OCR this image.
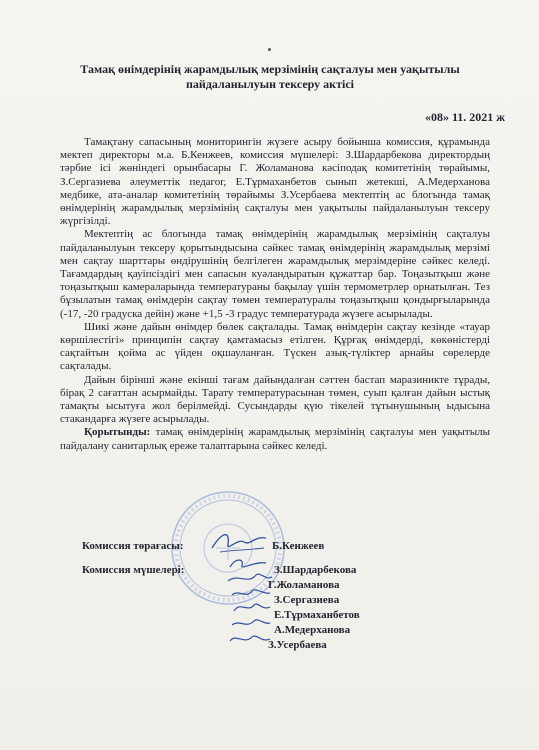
Тамақ өнімдерінің жарамдылық мерзімінің сақталуы мен уақытылы пайдаланылуын тексеру актісі
«08» 11. 2021 ж

Тамақтану сапасының мониторингін жүзеге асыру бойынша комиссия, құрамында мектеп директоры м.а. Б.Кенжеев, комиссия мүшелері: З.Шардарбекова директордың тәрбие ісі жөніндегі орынбасары Г. Жоламанова кәсіподақ комитетінің төрайымы, З.Сергазиева әлеуметтік педагог, Е.Тұрмаханбетов сынып жетекшi, А.Медерханова медбике, ата-аналар комитетінің төрайымы З.Усербаева мектептің ас блогында тамақ өнімдерінің жарамдылық мерзімінің сақталуы мен уақытылы пайдаланылуын тексеру жүргізілді.

Мектептің ас блогында тамақ өнімдерінің жарамдылық мерзімінің сақталуы пайдаланылуын тексеру қорытындысына сәйкес тамақ өнімдерінің жарамдылық мерзімі мен сақтау шарттары өндірушінің белгілеген жарамдылық мерзімдеріне сәйкес келеді. Тағамдардың қауіпсіздігі мен сапасын куәландыратын құжаттар бар. Тоңазытқыш және тоңазытқыш камераларында температураны бақылау үшін термометрлер орнатылған. Тез бұзылатын тамақ өнімдерін сақтау төмен температуралы тоңазытқыш қондырғыларында (-17, -20 градуска дейін) және +1,5 -3 градус температурада жүзеге асырылады.

Шикі және дайын өнімдер бөлек сақталады. Тамақ өнімдерін сақтау кезінде «тауар көршілестігі» принципін сақтау қамтамасыз етілген. Құрғақ өнімдерді, көкөністерді сақтайтын қойма ас үйден оқшауланған. Түскен азық-түліктер арнайы сөрелерде сақталады.

Дайын бірінші және екінші тағам дайындалған сәттен бастап маразиникте тұрады, бірақ 2 сағаттан асырмайды. Тарату температурасынан төмен, суып қалған дайын ыстық тамақты ысытуға жол берілмейді. Сусындарды қүю тікелей тұтынушының ыдысына стакандарға жүзеге асырылады.

Қорытынды: тамақ өнімдерінің жарамдылық мерзімінің сақталуы мен уақытылы пайдалану санитарлық ереже талаптарына сәйкес келеді.

Комиссия төрағасы:	Б.Кенжеев
Комиссия мүшелері:	З.Шардарбекова
Г.Жоламанова
З.Сергазиева
Е.Тұрмаханбетов
А.Медерханова
З.Усербаева
